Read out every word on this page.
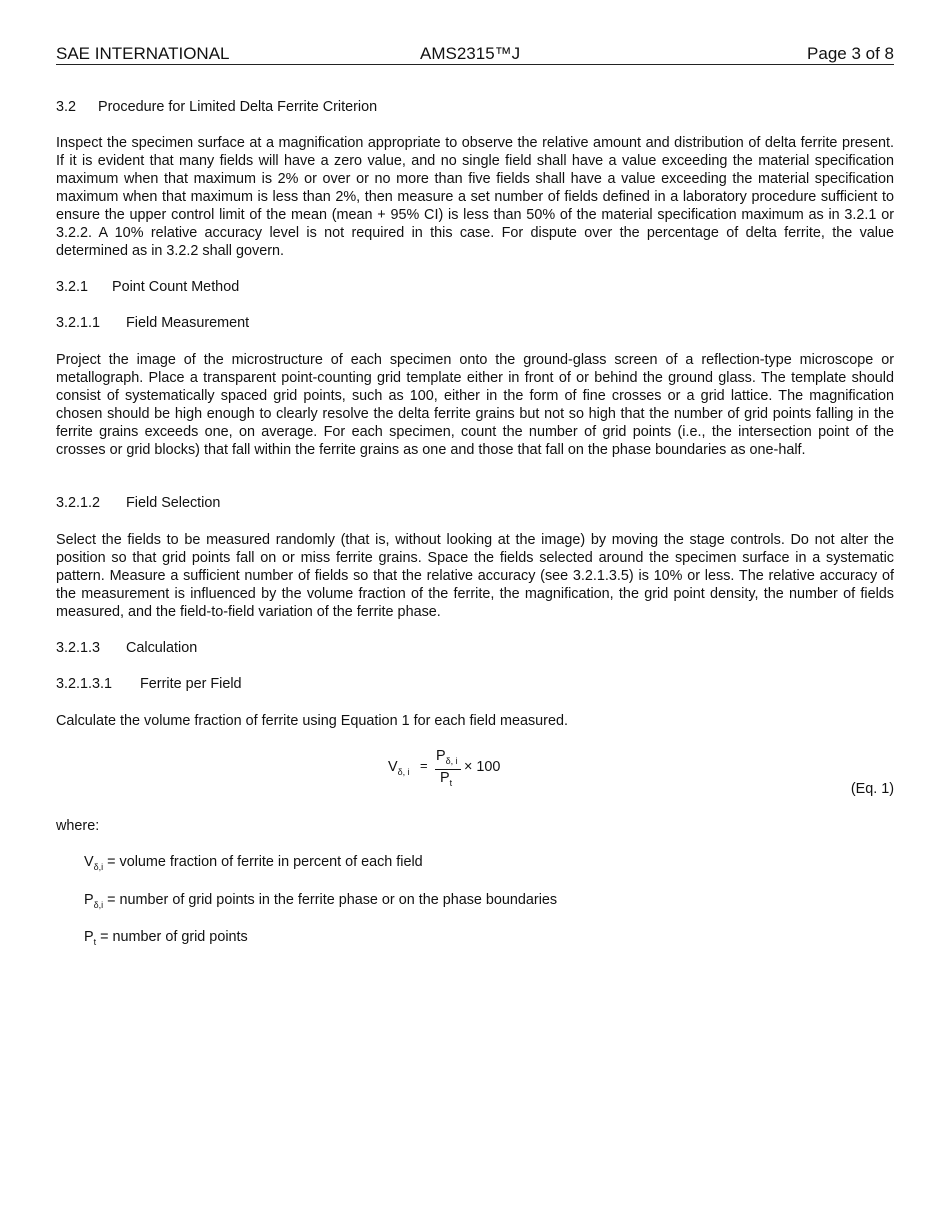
SAE INTERNATIONAL	AMS2315™J	Page 3 of 8
3.2 Procedure for Limited Delta Ferrite Criterion

Inspect the specimen surface at a magnification appropriate to observe the relative amount and distribution of delta ferrite present. If it is evident that many fields will have a zero value, and no single field shall have a value exceeding the material specification maximum when that maximum is 2% or over or no more than five fields shall have a value exceeding the material specification maximum when that maximum is less than 2%, then measure a set number of fields defined in a laboratory procedure sufficient to ensure the upper control limit of the mean (mean + 95% CI) is less than 50% of the material specification maximum as in 3.2.1 or 3.2.2. A 10% relative accuracy level is not required in this case. For dispute over the percentage of delta ferrite, the value determined as in 3.2.2 shall govern.

3.2.1 Point Count Method
3.2.1.1 Field Measurement

Project the image of the microstructure of each specimen onto the ground-glass screen of a reflection-type microscope or metallograph. Place a transparent point-counting grid template either in front of or behind the ground glass. The template should consist of systematically spaced grid points, such as 100, either in the form of fine crosses or a grid lattice. The magnification chosen should be high enough to clearly resolve the delta ferrite grains but not so high that the number of grid points falling in the ferrite grains exceeds one, on average. For each specimen, count the number of grid points (i.e., the intersection point of the crosses or grid blocks) that fall within the ferrite grains as one and those that fall on the phase boundaries as one-half.

3.2.1.2 Field Selection

Select the fields to be measured randomly (that is, without looking at the image) by moving the stage controls. Do not alter the position so that grid points fall on or miss ferrite grains. Space the fields selected around the specimen surface in a systematic pattern. Measure a sufficient number of fields so that the relative accuracy (see 3.2.1.3.5) is 10% or less. The relative accuracy of the measurement is influenced by the volume fraction of the ferrite, the magnification, the grid point density, the number of fields measured, and the field-to-field variation of the ferrite phase.

3.2.1.3 Calculation
3.2.1.3.1 Ferrite per Field

Calculate the volume fraction of ferrite using Equation 1 for each field measured.

$V_{\delta, i}$ =
$P_{\delta, i}$
$P_t$
× 100
(Eq. 1)
where:
$V_{\delta,i}$ = volume fraction of ferrite in percent of each field
$P_{\delta,i}$ = number of grid points in the ferrite phase or on the phase boundaries
$P_t$ = number of grid points
